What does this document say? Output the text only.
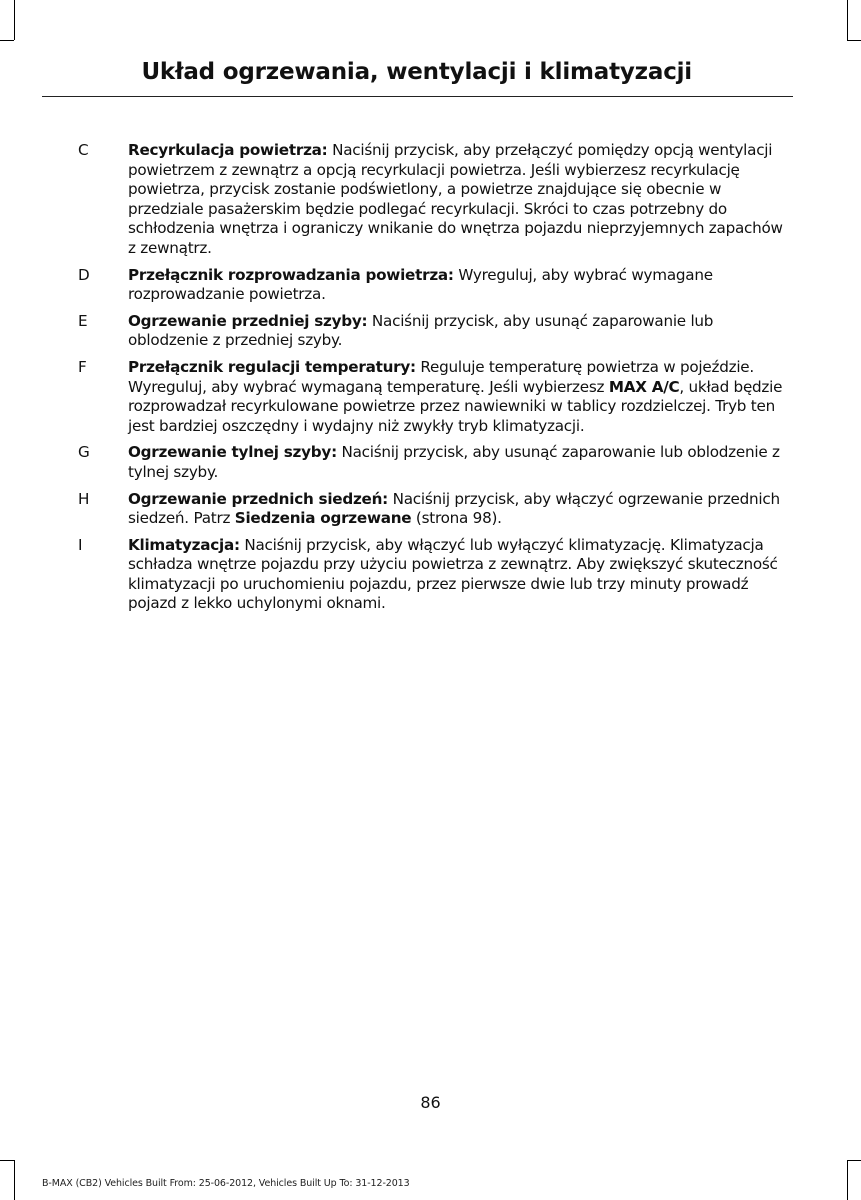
Układ ogrzewania, wentylacji i klimatyzacji
C	Recyrkulacja powietrza: Naciśnij przycisk, aby przełączyć pomiędzy opcją wentylacji powietrzem z zewnątrz a opcją recyrkulacji powietrza. Jeśli wybierzesz recyrkulację powietrza, przycisk zostanie podświetlony, a powietrze znajdujące się obecnie w przedziale pasażerskim będzie podlegać recyrkulacji. Skróci to czas potrzebny do schłodzenia wnętrza i ograniczy wnikanie do wnętrza pojazdu nieprzyjemnych zapachów z zewnątrz.
D	Przełącznik rozprowadzania powietrza: Wyreguluj, aby wybrać wymagane rozprowadzanie powietrza.
E	Ogrzewanie przedniej szyby: Naciśnij przycisk, aby usunąć zaparowanie lub oblodzenie z przedniej szyby.
F	Przełącznik regulacji temperatury: Reguluje temperaturę powietrza w pojeździe. Wyreguluj, aby wybrać wymaganą temperaturę. Jeśli wybierzesz MAX A/C, układ będzie rozprowadzał recyrkulowane powietrze przez nawiewniki w tablicy rozdzielczej. Tryb ten jest bardziej oszczędny i wydajny niż zwykły tryb klimatyzacji.
G	Ogrzewanie tylnej szyby: Naciśnij przycisk, aby usunąć zaparowanie lub oblodzenie z tylnej szyby.
H	Ogrzewanie przednich siedzeń: Naciśnij przycisk, aby włączyć ogrzewanie przednich siedzeń. Patrz Siedzenia ogrzewane (strona 98).
I	Klimatyzacja: Naciśnij przycisk, aby włączyć lub wyłączyć klimatyzację. Klimatyzacja schładza wnętrze pojazdu przy użyciu powietrza z zewnątrz. Aby zwiększyć skuteczność klimatyzacji po uruchomieniu pojazdu, przez pierwsze dwie lub trzy minuty prowadź pojazd z lekko uchylonymi oknami.
86
B-MAX (CB2) Vehicles Built From: 25-06-2012, Vehicles Built Up To: 31-12-2013
